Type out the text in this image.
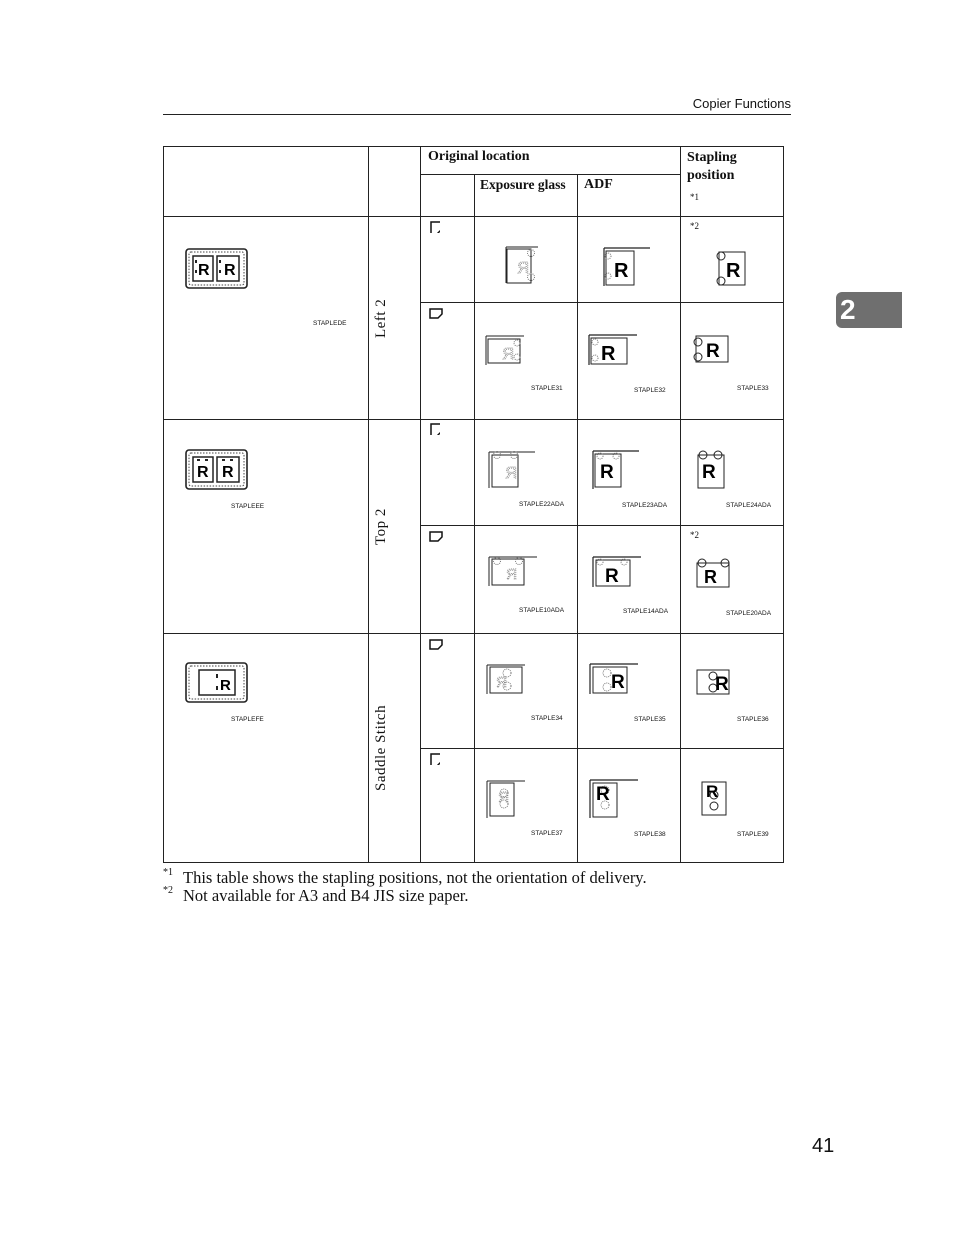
Copier Functions
2
Original location
Exposure glass ADF
Stapling position
*1
Left 2
Top 2
Saddle Stitch
R R
STAPLEDE
R R
STAPLEEE
R
STAPLEFE
*2
*2
R	R	R
R
STAPLE31
R
STAPLE32
R
STAPLE33
R
STAPLE22ADA
R
STAPLE23ADA
R
STAPLE24ADA
R
STAPLE10ADA
R
STAPLE14ADA
R
STAPLE20ADA
R
STAPLE34
R
STAPLE35
R
STAPLE36
R
STAPLE37
R
STAPLE38
R
STAPLE39
$^{*1}$ This table shows the stapling positions, not the orientation of delivery.
$^{*2}$ Not available for A3 and B4 JIS size paper.
41
